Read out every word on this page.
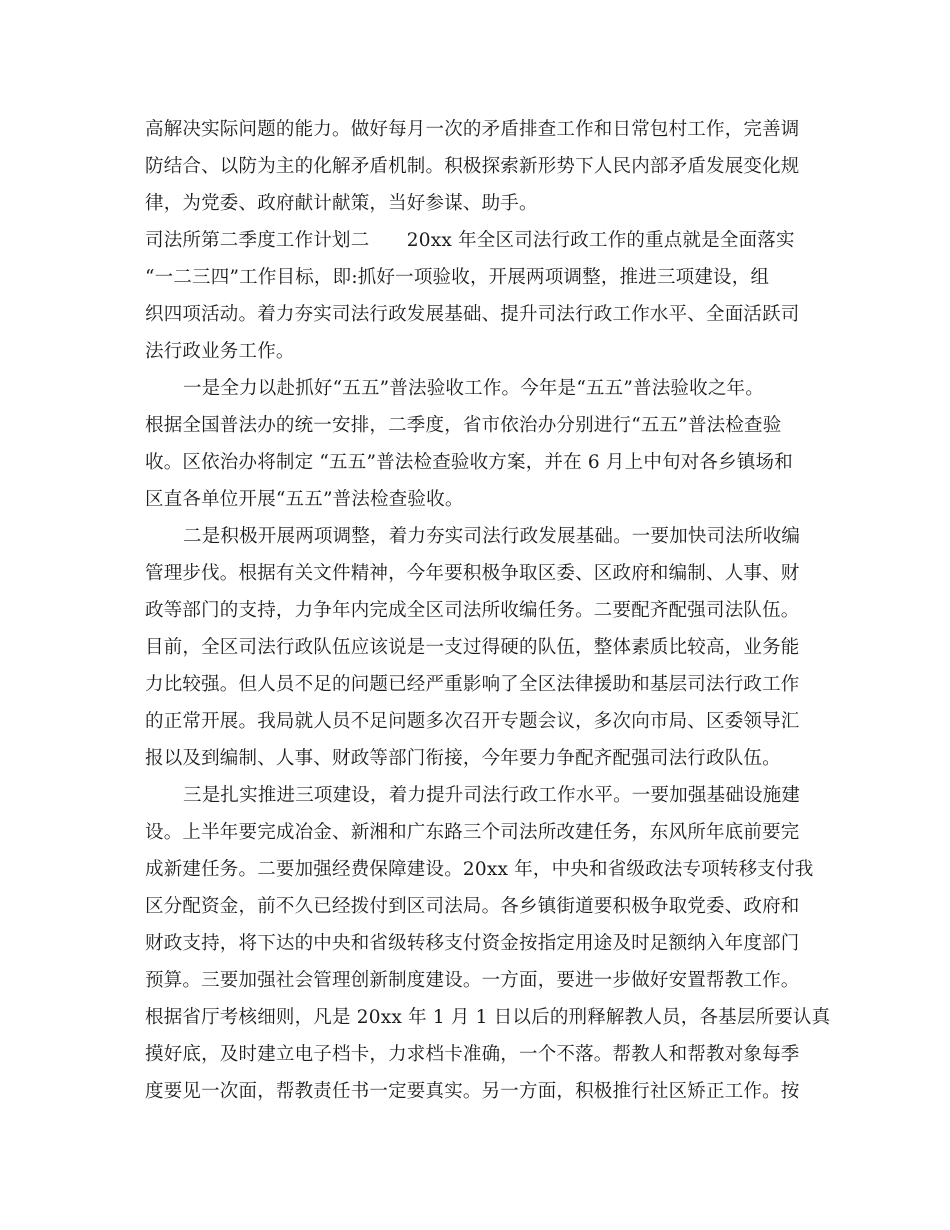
高解决实际问题的能力。做好每月一次的矛盾排查工作和日常包村工作，完善调
防结合、以防为主的化解矛盾机制。积极探索新形势下人民内部矛盾发展变化规
律，为党委、政府献计献策，当好参谋、助手。
司法所第二季度工作计划二　　20xx 年全区司法行政工作的重点就是全面落实
“一二三四”工作目标，即:抓好一项验收，开展两项调整，推进三项建设，组
织四项活动。着力夯实司法行政发展基础、提升司法行政工作水平、全面活跃司
法行政业务工作。
一是全力以赴抓好“五五”普法验收工作。今年是“五五”普法验收之年。
根据全国普法办的统一安排，二季度，省市依治办分别进行“五五”普法检查验
收。区依治办将制定 “五五”普法检查验收方案，并在 6 月上中旬对各乡镇场和
区直各单位开展“五五”普法检查验收。
二是积极开展两项调整，着力夯实司法行政发展基础。一要加快司法所收编
管理步伐。根据有关文件精神，今年要积极争取区委、区政府和编制、人事、财
政等部门的支持，力争年内完成全区司法所收编任务。二要配齐配强司法队伍。
目前，全区司法行政队伍应该说是一支过得硬的队伍，整体素质比较高，业务能
力比较强。但人员不足的问题已经严重影响了全区法律援助和基层司法行政工作
的正常开展。我局就人员不足问题多次召开专题会议，多次向市局、区委领导汇
报以及到编制、人事、财政等部门衔接，今年要力争配齐配强司法行政队伍。
三是扎实推进三项建设，着力提升司法行政工作水平。一要加强基础设施建
设。上半年要完成冶金、新湘和广东路三个司法所改建任务，东风所年底前要完
成新建任务。二要加强经费保障建设。20xx 年，中央和省级政法专项转移支付我
区分配资金，前不久已经拨付到区司法局。各乡镇街道要积极争取党委、政府和
财政支持，将下达的中央和省级转移支付资金按指定用途及时足额纳入年度部门
预算。三要加强社会管理创新制度建设。一方面，要进一步做好安置帮教工作。
根据省厅考核细则，凡是 20xx 年 1 月 1 日以后的刑释解教人员，各基层所要认真
摸好底，及时建立电子档卡，力求档卡准确，一个不落。帮教人和帮教对象每季
度要见一次面，帮教责任书一定要真实。另一方面，积极推行社区矫正工作。按
